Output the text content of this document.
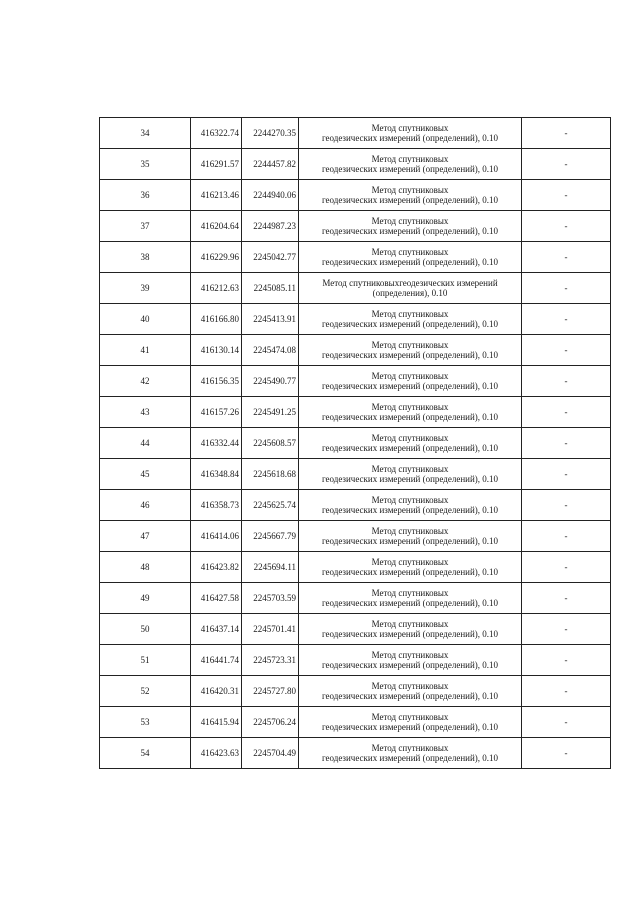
34	416322.74	2244270.35	Метод спутниковых
геодезических измерений (определений), 0.10	-
35	416291.57	2244457.82	Метод спутниковых
геодезических измерений (определений), 0.10	-
36	416213.46	2244940.06	Метод спутниковых
геодезических измерений (определений), 0.10	-
37	416204.64	2244987.23	Метод спутниковых
геодезических измерений (определений), 0.10	-
38	416229.96	2245042.77	Метод спутниковых
геодезических измерений (определений), 0.10	-
39	416212.63	2245085.11	Метод спутниковыхгеодезических измерений
(определения), 0.10	-
40	416166.80	2245413.91	Метод спутниковых
геодезических измерений (определений), 0.10	-
41	416130.14	2245474.08	Метод спутниковых
геодезических измерений (определений), 0.10	-
42	416156.35	2245490.77	Метод спутниковых
геодезических измерений (определений), 0.10	-
43	416157.26	2245491.25	Метод спутниковых
геодезических измерений (определений), 0.10	-
44	416332.44	2245608.57	Метод спутниковых
геодезических измерений (определений), 0.10	-
45	416348.84	2245618.68	Метод спутниковых
геодезических измерений (определений), 0.10	-
46	416358.73	2245625.74	Метод спутниковых
геодезических измерений (определений), 0.10	-
47	416414.06	2245667.79	Метод спутниковых
геодезических измерений (определений), 0.10	-
48	416423.82	2245694.11	Метод спутниковых
геодезических измерений (определений), 0.10	-
49	416427.58	2245703.59	Метод спутниковых
геодезических измерений (определений), 0.10	-
50	416437.14	2245701.41	Метод спутниковых
геодезических измерений (определений), 0.10	-
51	416441.74	2245723.31	Метод спутниковых
геодезических измерений (определений), 0.10	-
52	416420.31	2245727.80	Метод спутниковых
геодезических измерений (определений), 0.10	-
53	416415.94	2245706.24	Метод спутниковых
геодезических измерений (определений), 0.10	-
54	416423.63	2245704.49	Метод спутниковых
геодезических измерений (определений), 0.10	-
